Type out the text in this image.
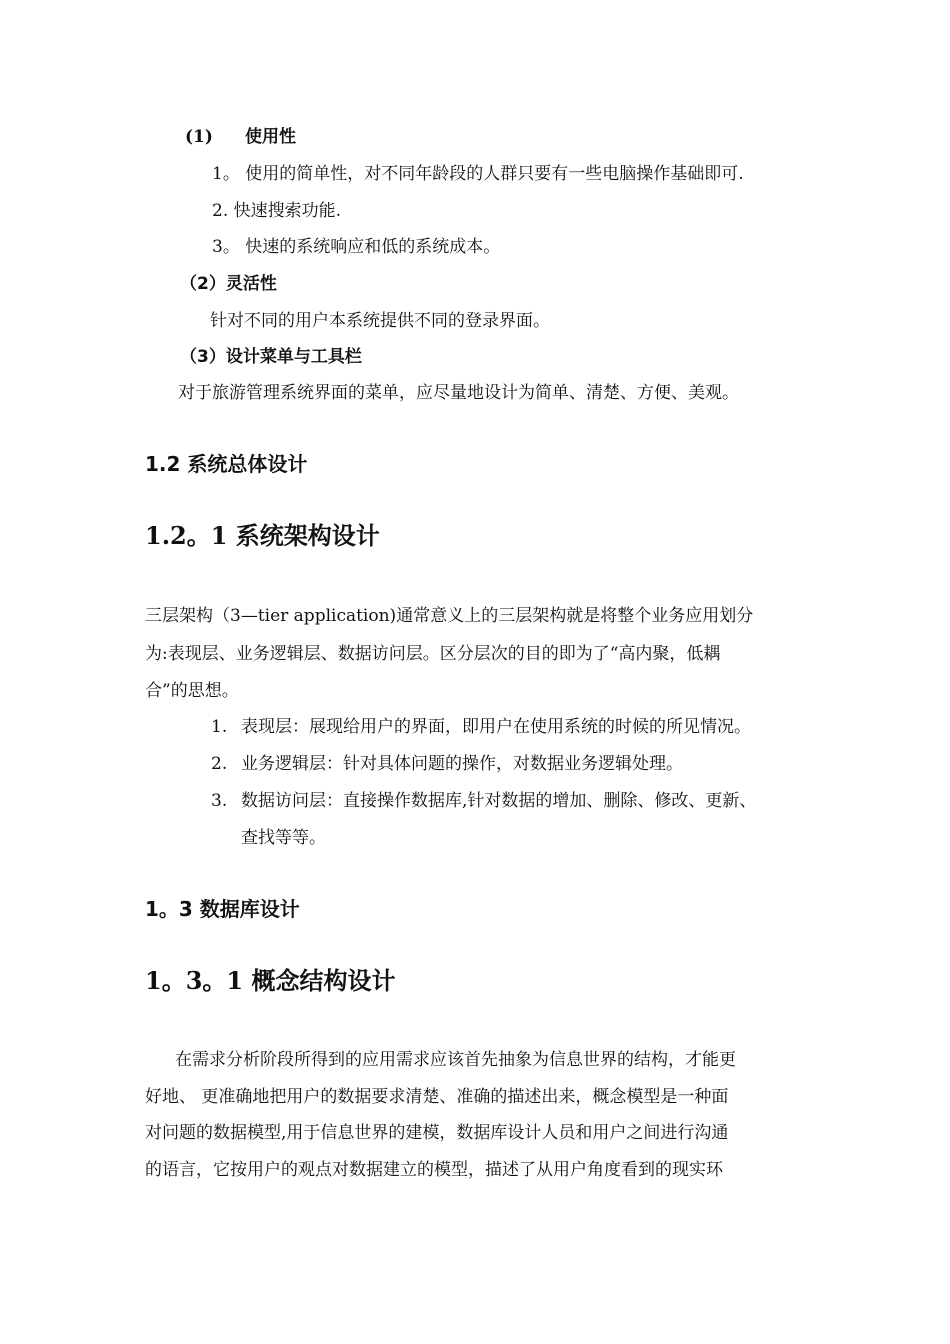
(1) 使用性
1。 使用的简单性，对不同年龄段的人群只要有一些电脑操作基础即可.
2. 快速搜索功能.
3。 快速的系统响应和低的系统成本。
（2）灵活性
针对不同的用户本系统提供不同的登录界面。
（3）设计菜单与工具栏
对于旅游管理系统界面的菜单，应尽量地设计为简单、清楚、方便、美观。
1.2 系统总体设计
1.2。1 系统架构设计
三层架构（3—tier application)通常意义上的三层架构就是将整个业务应用划分
为:表现层、业务逻辑层、数据访问层。区分层次的目的即为了“高内聚，低耦
合”的思想。
1. 表现层：展现给用户的界面，即用户在使用系统的时候的所见情况。
2. 业务逻辑层：针对具体问题的操作，对数据业务逻辑处理。
3. 数据访问层：直接操作数据库,针对数据的增加、删除、修改、更新、
查找等等。
1。3 数据库设计
1。3。1 概念结构设计
在需求分析阶段所得到的应用需求应该首先抽象为信息世界的结构，才能更
好地、 更准确地把用户的数据要求清楚、准确的描述出来，概念模型是一种面
对问题的数据模型,用于信息世界的建模，数据库设计人员和用户之间进行沟通
的语言，它按用户的观点对数据建立的模型，描述了从用户角度看到的现实环
